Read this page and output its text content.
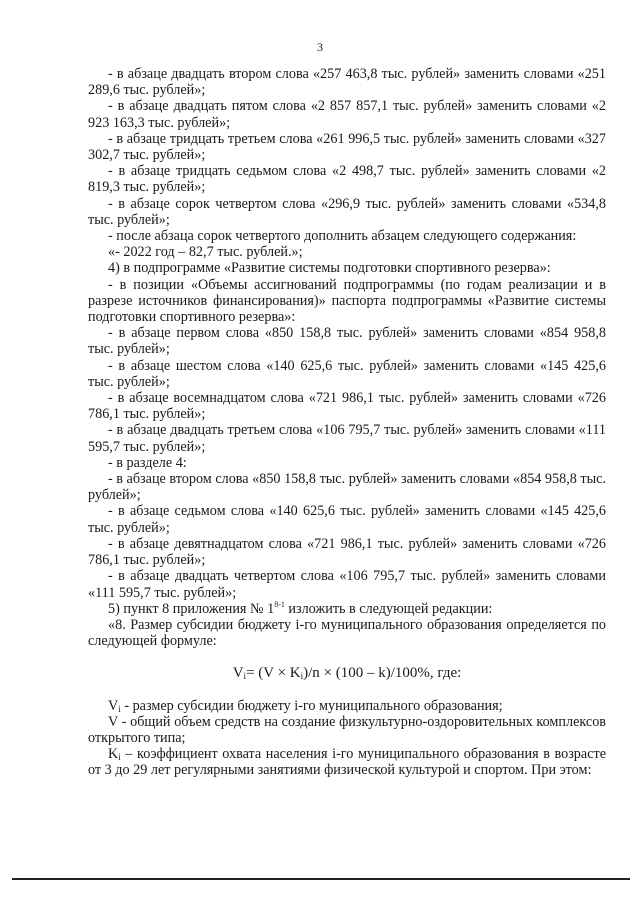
3

- в абзаце двадцать втором слова «257 463,8 тыс. рублей» заменить словами «251 289,6 тыс. рублей»;

- в абзаце двадцать пятом слова «2 857 857,1 тыс. рублей» заменить словами «2 923 163,3 тыс. рублей»;

- в абзаце тридцать третьем слова «261 996,5 тыс. рублей» заменить словами «327 302,7 тыс. рублей»;

- в абзаце тридцать седьмом слова «2 498,7 тыс. рублей» заменить словами «2 819,3 тыс. рублей»;

- в абзаце сорок четвертом слова «296,9 тыс. рублей» заменить словами «534,8 тыс. рублей»;

- после абзаца сорок четвертого дополнить абзацем следующего содержания:

«- 2022 год – 82,7 тыс. рублей.»;

4) в подпрограмме «Развитие системы подготовки спортивного резерва»:

- в позиции «Объемы ассигнований подпрограммы (по годам реализации и в разрезе источников финансирования)» паспорта подпрограммы «Развитие системы подготовки спортивного резерва»:

- в абзаце первом слова «850 158,8 тыс. рублей» заменить словами «854 958,8 тыс. рублей»;

- в абзаце шестом слова «140 625,6 тыс. рублей» заменить словами «145 425,6 тыс. рублей»;

- в абзаце восемнадцатом слова «721 986,1 тыс. рублей» заменить словами «726 786,1 тыс. рублей»;

- в абзаце двадцать третьем слова «106 795,7 тыс. рублей» заменить словами «111 595,7 тыс. рублей»;

- в разделе 4:

- в абзаце втором слова «850 158,8 тыс. рублей» заменить словами «854 958,8 тыс. рублей»;

- в абзаце седьмом слова «140 625,6 тыс. рублей» заменить словами «145 425,6 тыс. рублей»;

- в абзаце девятнадцатом слова «721 986,1 тыс. рублей» заменить словами «726 786,1 тыс. рублей»;

- в абзаце двадцать четвертом слова «106 795,7 тыс. рублей» заменить словами «111 595,7 тыс. рублей»;

5) пункт 8 приложения № 1$^{8-1}$ изложить в следующей редакции:

«8. Размер субсидии бюджету i-го муниципального образования определяется по следующей формуле:

$V_i= (V \times K_i)/n \times (100 - k)/100\%$, где:

$V_i$ - размер субсидии бюджету i-го муниципального образования;

V - общий объем средств на создание физкультурно-оздоровительных комплексов открытого типа;

$K_i$ – коэффициент охвата населения i-го муниципального образования в возрасте от 3 до 29 лет регулярными занятиями физической культурой и спортом. При этом:
